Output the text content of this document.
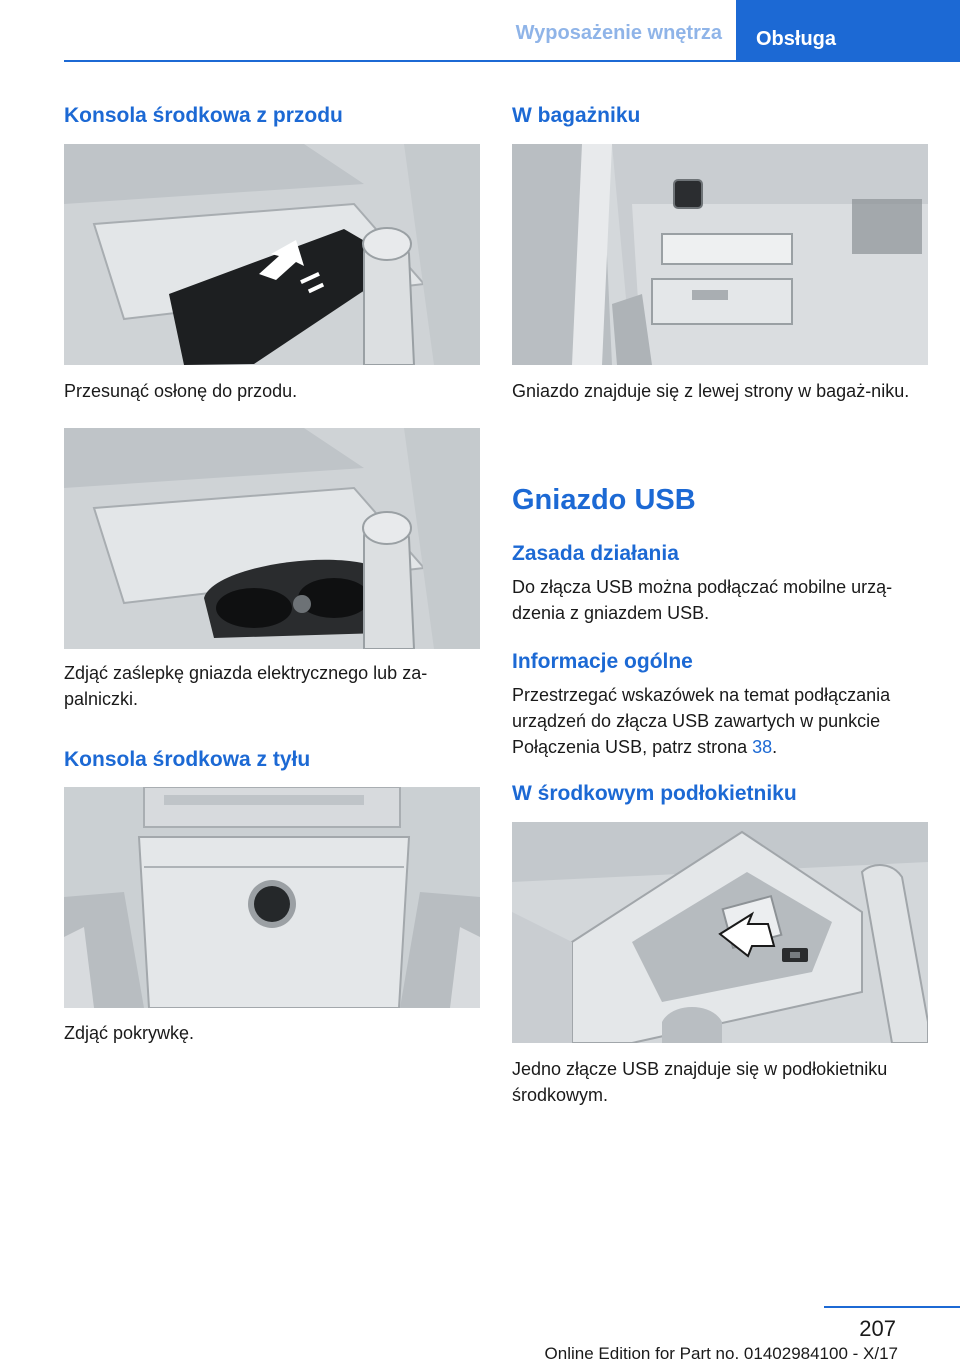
Wyposażenie wnętrza	Obsługa
Konsola środkowa z przodu
Przesunąć osłonę do przodu.
Zdjąć zaślepkę gniazda elektrycznego lub za-palniczki.
Konsola środkowa z tyłu
Zdjąć pokrywkę.
W bagażniku
Gniazdo znajduje się z lewej strony w bagaż-niku.
Gniazdo USB
Zasada działania
Do złącza USB można podłączać mobilne urzą-dzenia z gniazdem USB.
Informacje ogólne
Przestrzegać wskazówek na temat podłączania urządzeń do złącza USB zawartych w punkcie Połączenia USB, patrz strona 38.
W środkowym podłokietniku
Jedno złącze USB znajduje się w podłokietniku środkowym.
207
Online Edition for Part no. 01402984100 - X/17
